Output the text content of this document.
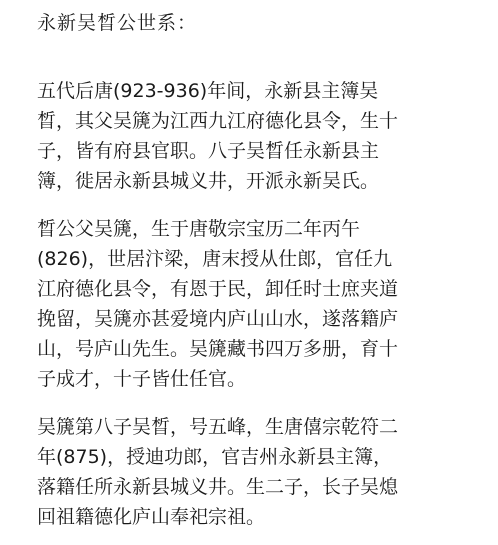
永新吴晳公世系：
五代后唐(923-936)年间，永新县主簿吴
晳，其父吴篪为江西九江府德化县令，生十
子，皆有府县官职。八子吴晳任永新县主
簿，徙居永新县城义井，开派永新吴氏。
晳公父吴篪，生于唐敬宗宝历二年丙午
(826)，世居汴梁，唐末授从仕郎，官任九
江府德化县令，有恩于民，卸任时士庶夹道
挽留，吴篪亦甚爱境内庐山山水，遂落籍庐
山，号庐山先生。吴篪藏书四万多册，育十
子成才，十子皆仕任官。
吴篪第八子吴晳，号五峰，生唐僖宗乾符二
年(875)，授迪功郎，官吉州永新县主簿，
落籍任所永新县城义井。生二子，长子吴熄
回祖籍德化庐山奉祀宗祖。
